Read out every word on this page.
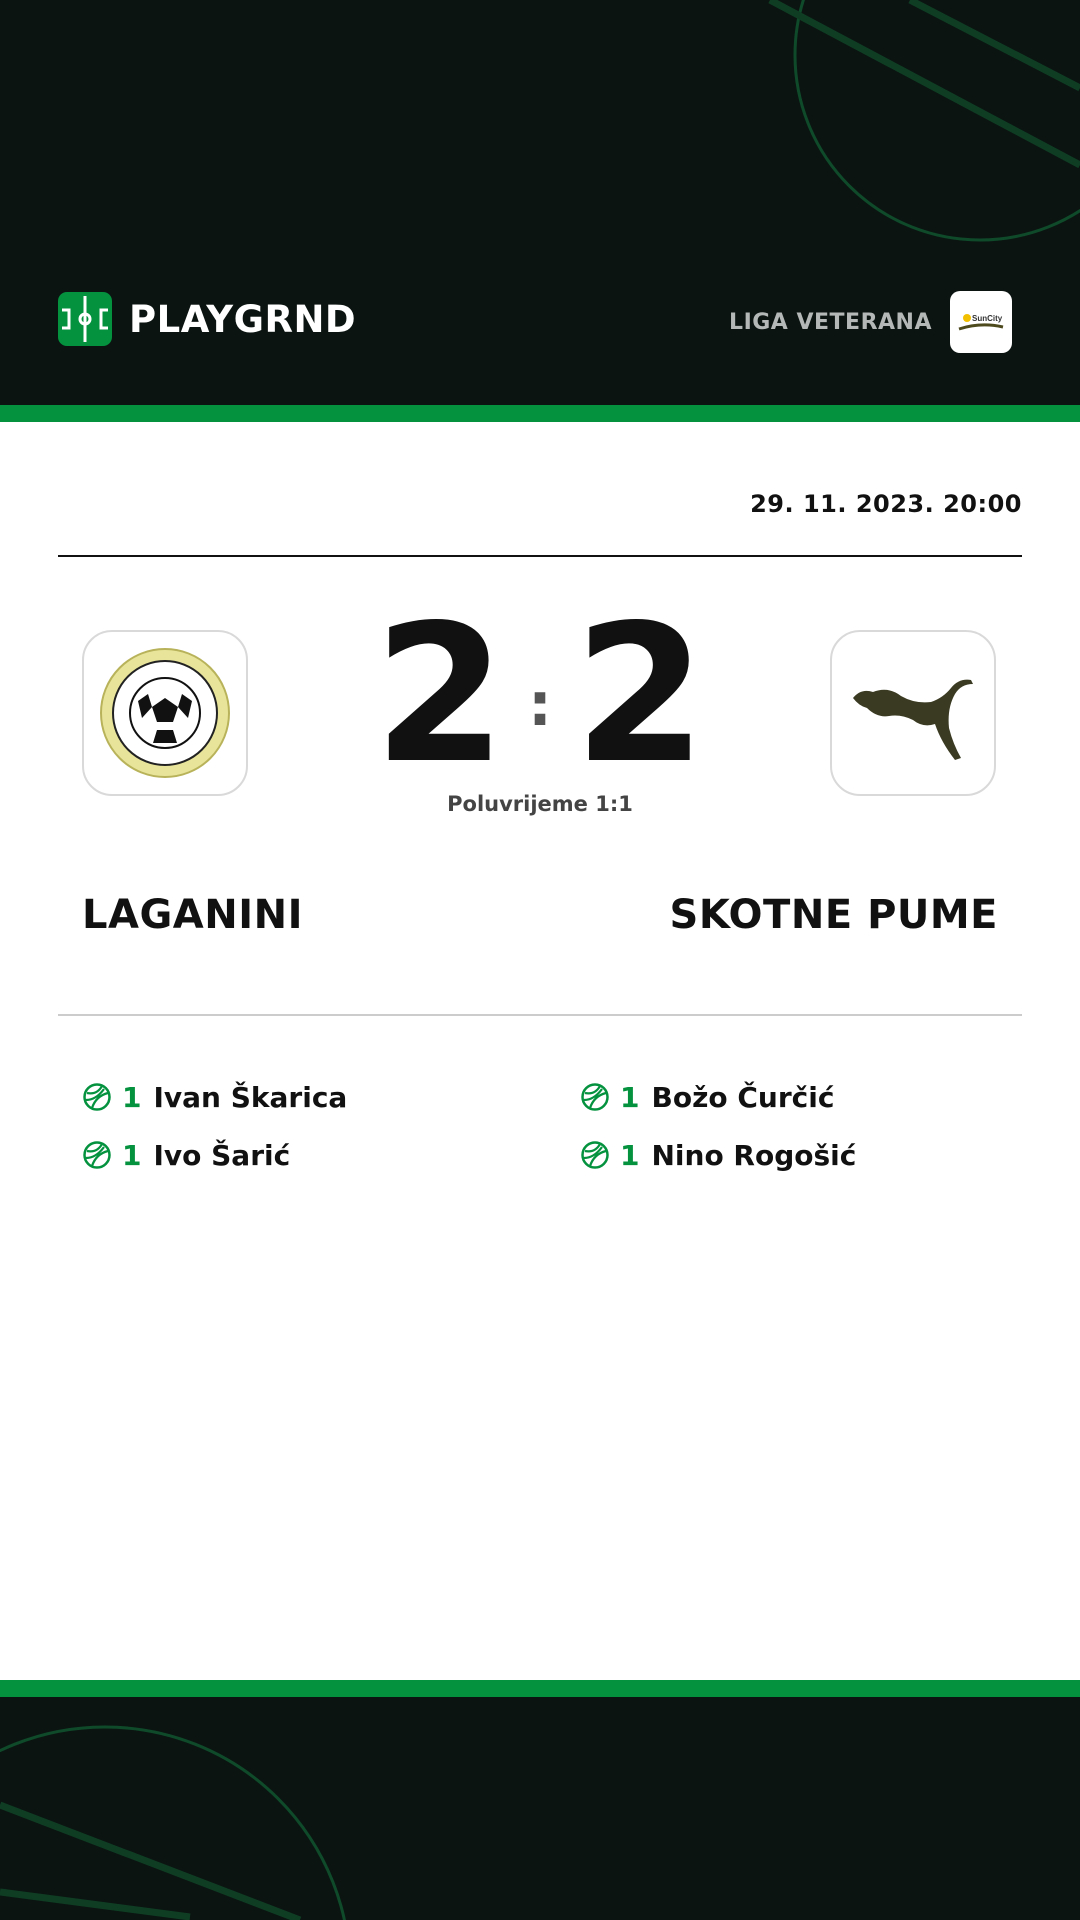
PLAYGRND	LIGA VETERANA	SunCity
29. 11. 2023. 20:00
2 : 2
Poluvrijeme 1:1
LAGANINI	SKOTNE PUME
1 Ivan Škarica
1 Ivo Šarić
1 Božo Čurčić
1 Nino Rogošić
